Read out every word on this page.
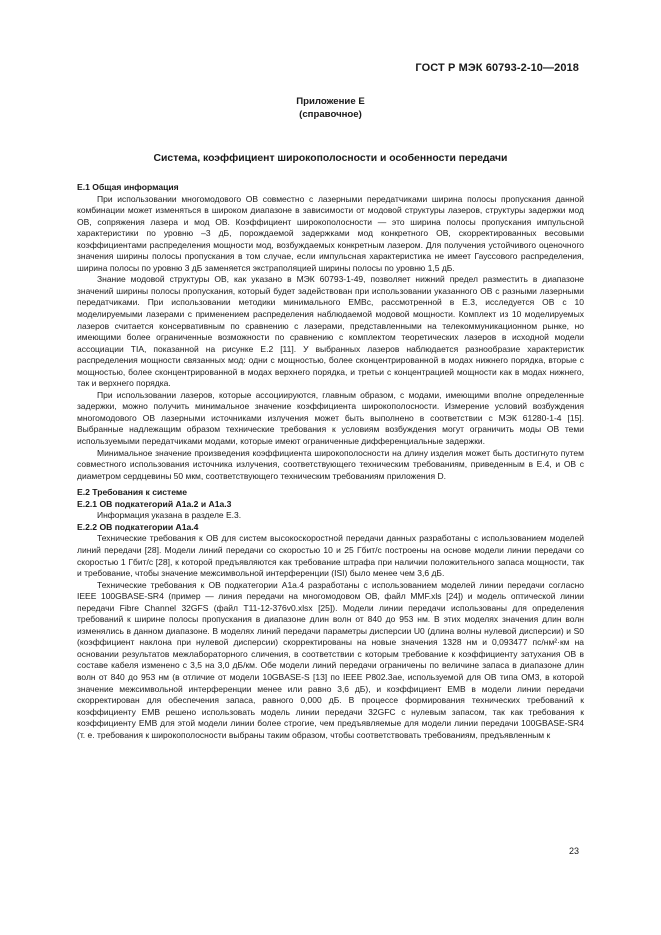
ГОСТ Р МЭК 60793-2-10—2018
Приложение Е
(справочное)
Система, коэффициент широкополосности и особенности передачи
Е.1 Общая информация

При использовании многомодового ОВ совместно с лазерными передатчиками ширина полосы пропускания данной комбинации может изменяться в широком диапазоне в зависимости от модовой структуры лазеров, структуры задержки мод ОВ, сопряжения лазера и мод ОВ. Коэффициент широкополосности — это ширина полосы пропускания импульсной характеристики по уровню –3 дБ, порождаемой задержками мод конкретного ОВ, скорректированных весовыми коэффициентами распределения мощности мод, возбуждаемых конкретным лазером. Для получения устойчивого оценочного значения ширины полосы пропускания в том случае, если импульсная характеристика не имеет Гауссового распределения, ширина полосы по уровню 3 дБ заменяется экстраполяцией ширины полосы по уровню 1,5 дБ.

Знание модовой структуры ОВ, как указано в МЭК 60793-1-49, позволяет нижний предел разместить в диапазоне значений ширины полосы пропускания, который будет задействован при использовании указанного ОВ с разными лазерными передатчиками. При использовании методики минимального EMBc, рассмотренной в Е.3, исследуется ОВ с 10 моделируемыми лазерами с применением распределения наблюдаемой модовой мощности. Комплект из 10 моделируемых лазеров считается консервативным по сравнению с лазерами, представленными на телекоммуникационном рынке, но имеющими более ограниченные возможности по сравнению с комплектом теоретических лазеров в исходной модели ассоциации TIA, показанной на рисунке Е.2 [11]. У выбранных лазеров наблюдается разнообразие характеристик распределения мощности связанных мод: одни с мощностью, более сконцентрированной в модах нижнего порядка, вторые с мощностью, более сконцентрированной в модах верхнего порядка, и третьи с концентрацией мощности как в модах нижнего, так и верхнего порядка.

При использовании лазеров, которые ассоциируются, главным образом, с модами, имеющими вполне определенные задержки, можно получить минимальное значение коэффициента широкополосности. Измерение условий возбуждения многомодового ОВ лазерными источниками излучения может быть выполнено в соответствии с МЭК 61280-1-4 [15]. Выбранные надлежащим образом технические требования к условиям возбуждения могут ограничить моды ОВ теми используемыми передатчиками модами, которые имеют ограниченные дифференциальные задержки.

Минимальное значение произведения коэффициента широкополосности на длину изделия может быть достигнуто путем совместного использования источника излучения, соответствующего техническим требованиям, приведенным в Е.4, и ОВ с диаметром сердцевины 50 мкм, соответствующего техническим требованиям приложения D.

Е.2 Требования к системе
Е.2.1 ОВ подкатегорий А1а.2 и А1а.3

Информация указана в разделе Е.3.

Е.2.2 ОВ подкатегории А1а.4

Технические требования к ОВ для систем высокоскоростной передачи данных разработаны с использованием моделей линий передачи [28]. Модели линий передачи со скоростью 10 и 25 Гбит/с построены на основе модели линии передачи со скоростью 1 Гбит/с [28], к которой предъявляются как требование штрафа при наличии положительного запаса мощности, так и требование, чтобы значение межсимвольной интерференции (ISI) было менее чем 3,6 дБ.

Технические требования к ОВ подкатегории А1а.4 разработаны с использованием моделей линии передачи согласно IEEE 100GBASE-SR4 (пример — линия передачи на многомодовом ОВ, файл MMF.xls [24]) и модель оптической линии передачи Fibre Channel 32GFS (файл T11-12-376v0.xlsx [25]). Модели линии передачи использованы для определения требований к ширине полосы пропускания в диапазоне длин волн от 840 до 953 нм. В этих моделях значения длин волн изменялись в данном диапазоне. В моделях линий передачи параметры дисперсии U0 (длина волны нулевой дисперсии) и S0 (коэффициент наклона при нулевой дисперсии) скорректированы на новые значения 1328 нм и 0,093477 пс/нм²·км на основании результатов межлабораторного сличения, в соответствии с которым требование к коэффициенту затухания ОВ в составе кабеля изменено с 3,5 на 3,0 дБ/км. Обе модели линий передачи ограничены по величине запаса в диапазоне длин волн от 840 до 953 нм (в отличие от модели 10GBASE-S [13] по IEEE P802.3ae, используемой для ОВ типа ОМ3, в которой значение межсимвольной интерференции менее или равно 3,6 дБ), и коэффициент EMB в модели линии передачи скорректирован для обеспечения запаса, равного 0,000 дБ. В процессе формирования технических требований к коэффициенту EMB решено использовать модель линии передачи 32GFC с нулевым запасом, так как требования к коэффициенту EMB для этой модели линии более строгие, чем предъявляемые для модели линии передачи 100GBASE-SR4 (т. е. требования к широкополосности выбраны таким образом, чтобы соответствовать требованиям, предъявленным к

23
